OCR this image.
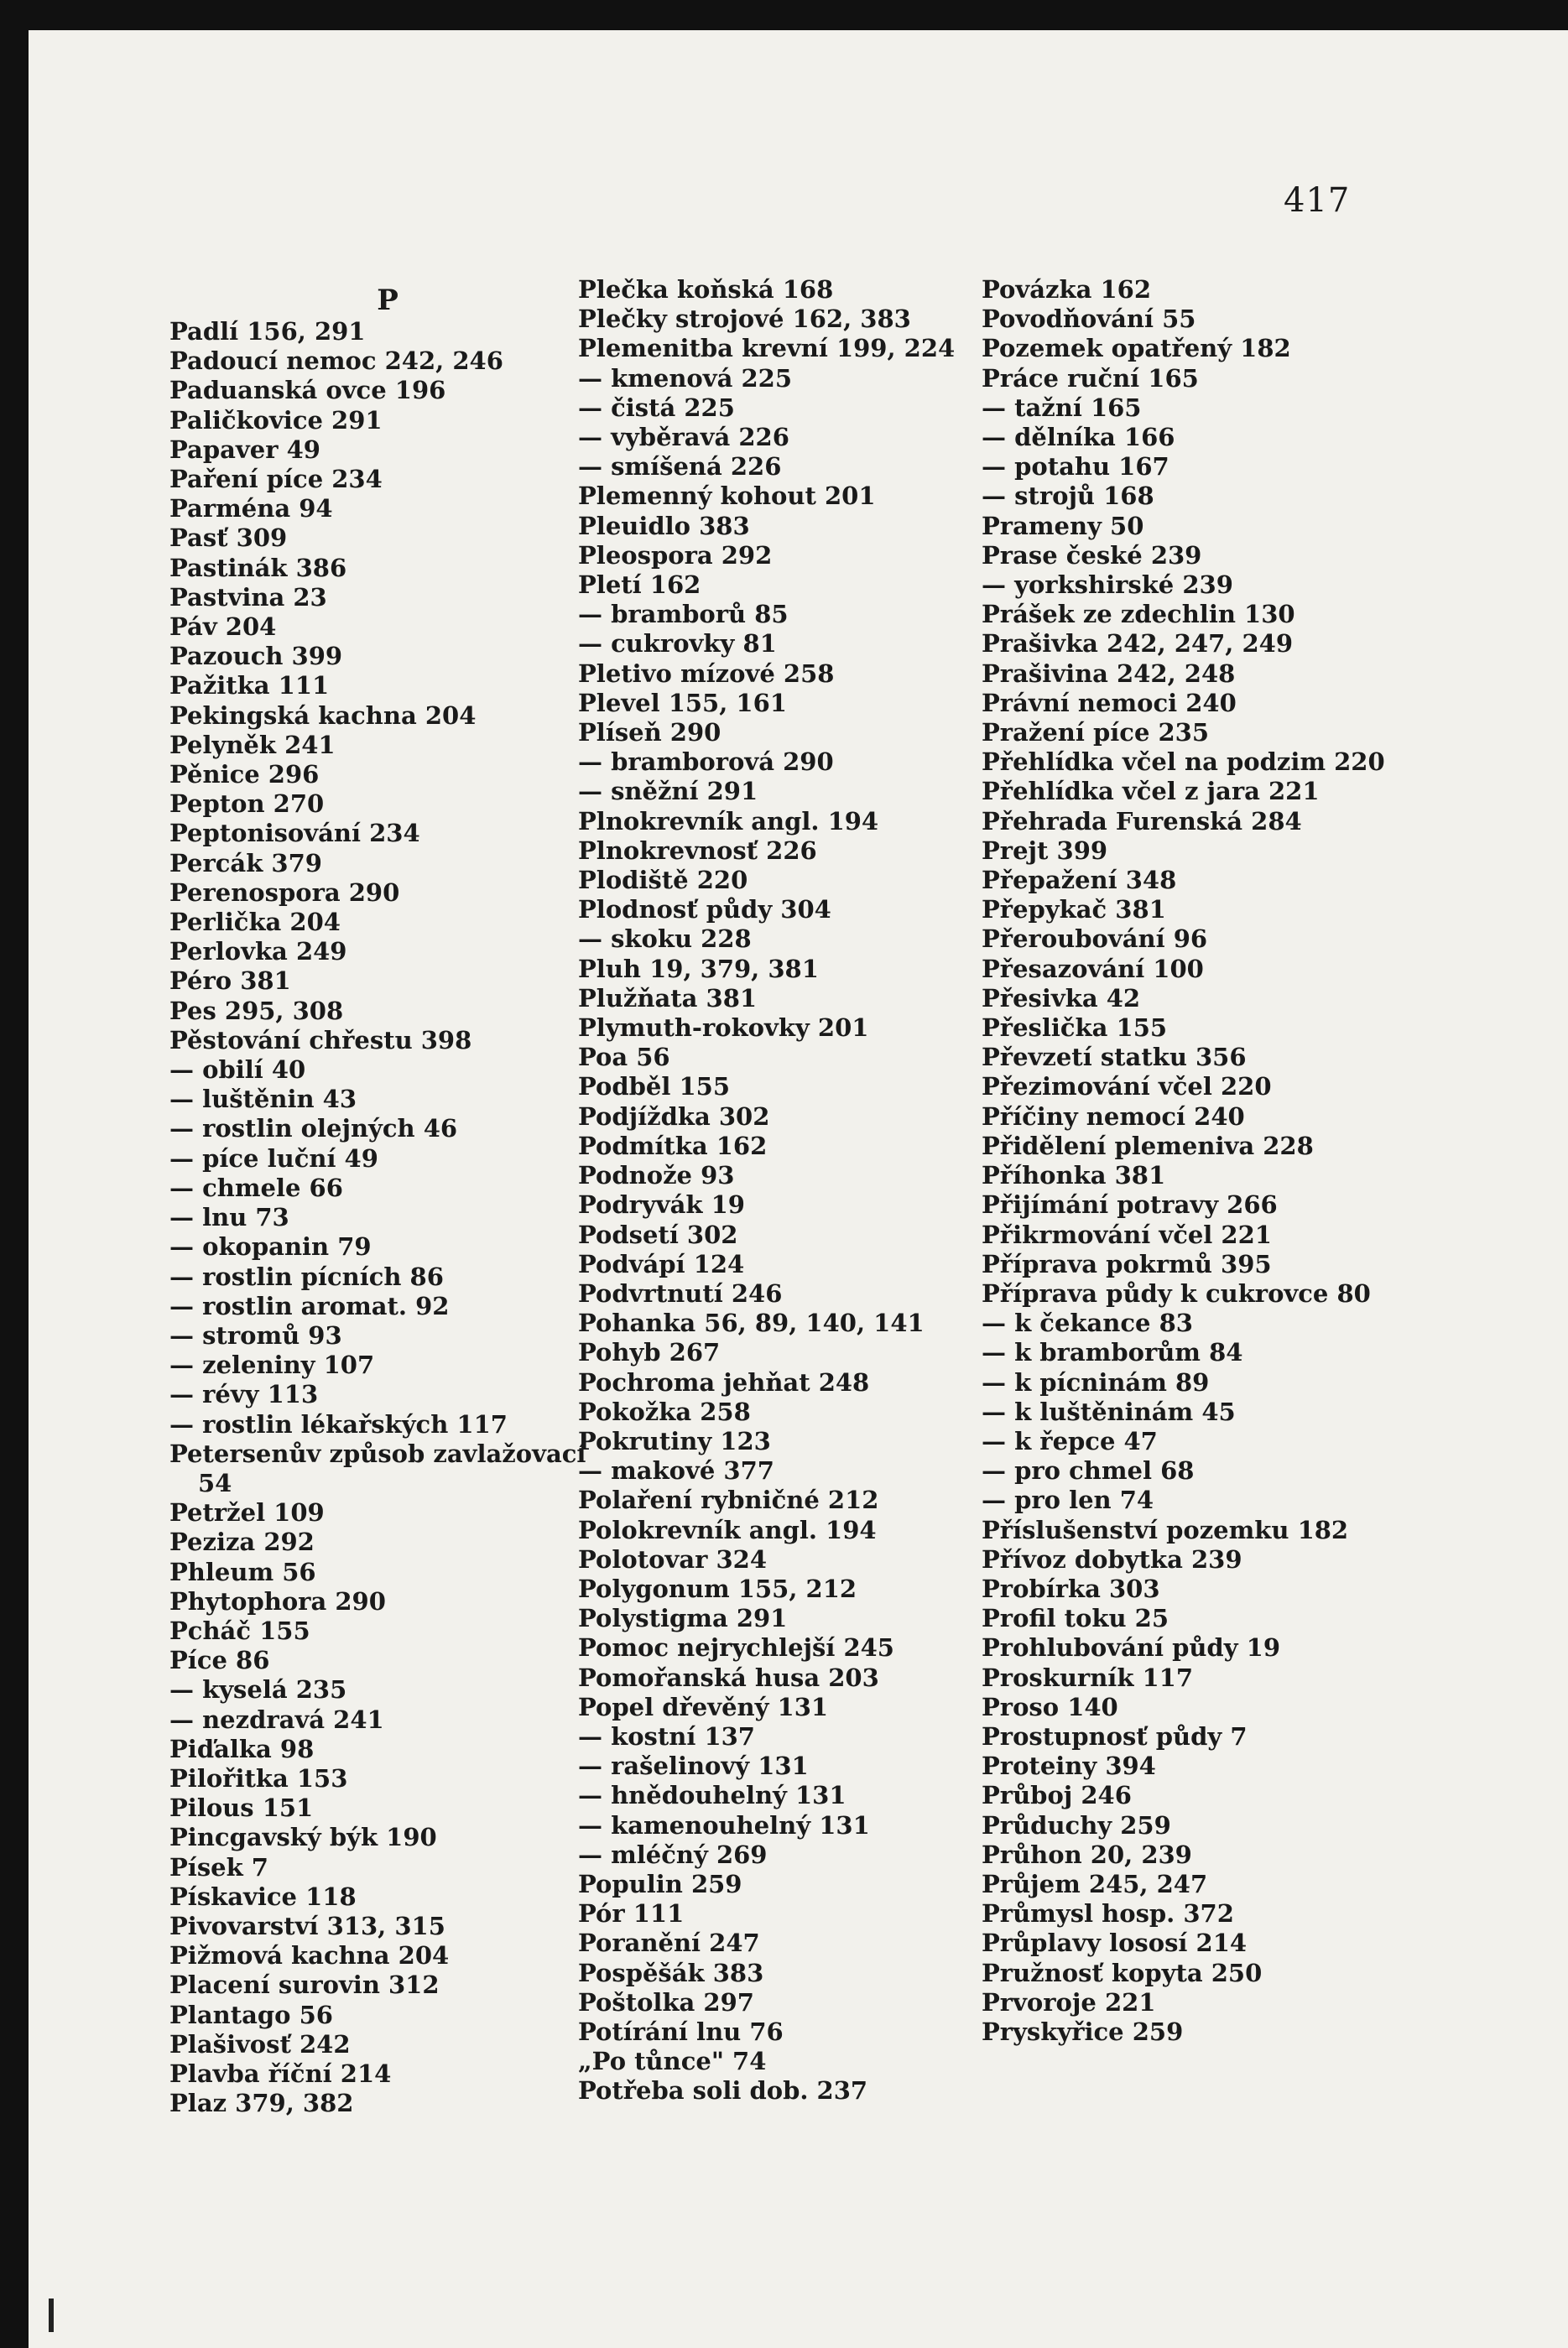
417
P
Padlí 156, 291
Padoucí nemoc 242, 246
Paduanská ovce 196
Paličkovice 291
Papaver 49
Paření píce 234
Parména 94
Pasť 309
Pastinák 386
Pastvina 23
Páv 204
Pazouch 399
Pažitka 111
Pekingská kachna 204
Pelyněk 241
Pěnice 296
Pepton 270
Peptonisování 234
Percák 379
Perenospora 290
Perlička 204
Perlovka 249
Péro 381
Pes 295, 308
Pěstování chřestu 398
— obilí 40
— luštěnin 43
— rostlin olejných 46
— píce luční 49
— chmele 66
— lnu 73
— okopanin 79
— rostlin pícních 86
— rostlin aromat. 92
— stromů 93
— zeleniny 107
— révy 113
— rostlin lékařských 117
Petersenův způsob zavlažovací 54
Petržel 109
Peziza 292
Phleum 56
Phytophora 290
Pcháč 155
Píce 86
— kyselá 235
— nezdravá 241
Piďalka 98
Pilořitka 153
Pilous 151
Pincgavský býk 190
Písek 7
Pískavice 118
Pivovarství 313, 315
Pižmová kachna 204
Placení surovin 312
Plantago 56
Plašivosť 242
Plavba říční 214
Plaz 379, 382
Plečka koňská 168
Plečky strojové 162, 383
Plemenitba krevní 199, 224
— kmenová 225
— čistá 225
— vyběravá 226
— smíšená 226
Plemenný kohout 201
Pleuidlo 383
Pleospora 292
Pletí 162
— bramborů 85
— cukrovky 81
Pletivo mízové 258
Plevel 155, 161
Plíseň 290
— bramborová 290
— sněžní 291
Plnokrevník angl. 194
Plnokrevnosť 226
Plodiště 220
Plodnosť půdy 304
— skoku 228
Pluh 19, 379, 381
Plužňata 381
Plymuth-rokovky 201
Poa 56
Podběl 155
Podjíždka 302
Podmítka 162
Podnože 93
Podryvák 19
Podsetí 302
Podvápí 124
Podvrtnutí 246
Pohanka 56, 89, 140, 141
Pohyb 267
Pochroma jehňat 248
Pokožka 258
Pokrutiny 123
— makové 377
Polaření rybničné 212
Polokrevník angl. 194
Polotovar 324
Polygonum 155, 212
Polystigma 291
Pomoc nejrychlejší 245
Pomořanská husa 203
Popel dřevěný 131
— kostní 137
— rašelinový 131
— hnědouhelný 131
— kamenouhelný 131
— mléčný 269
Populin 259
Pór 111
Poranění 247
Pospěšák 383
Poštolka 297
Potírání lnu 76
„Po tůnce" 74
Potřeba soli dob. 237
Povázka 162
Povodňování 55
Pozemek opatřený 182
Práce ruční 165
— tažní 165
— dělníka 166
— potahu 167
— strojů 168
Prameny 50
Prase české 239
— yorkshirské 239
Prášek ze zdechlin 130
Prašivka 242, 247, 249
Prašivina 242, 248
Právní nemoci 240
Pražení píce 235
Přehlídka včel na podzim 220
Přehlídka včel z jara 221
Přehrada Furenská 284
Prejt 399
Přepažení 348
Přepykač 381
Přeroubování 96
Přesazování 100
Přesivka 42
Přeslička 155
Převzetí statku 356
Přezimování včel 220
Příčiny nemocí 240
Přidělení plemeniva 228
Příhonka 381
Přijímání potravy 266
Přikrmování včel 221
Příprava pokrmů 395
Příprava půdy k cukrovce 80
— k čekance 83
— k bramborům 84
— k pícninám 89
— k luštěninám 45
— k řepce 47
— pro chmel 68
— pro len 74
Příslušenství pozemku 182
Přívoz dobytka 239
Probírka 303
Profil toku 25
Prohlubování půdy 19
Proskurník 117
Proso 140
Prostupnosť půdy 7
Proteiny 394
Průboj 246
Průduchy 259
Průhon 20, 239
Průjem 245, 247
Průmysl hosp. 372
Průplavy lososí 214
Pružnosť kopyta 250
Prvoroje 221
Pryskyřice 259
